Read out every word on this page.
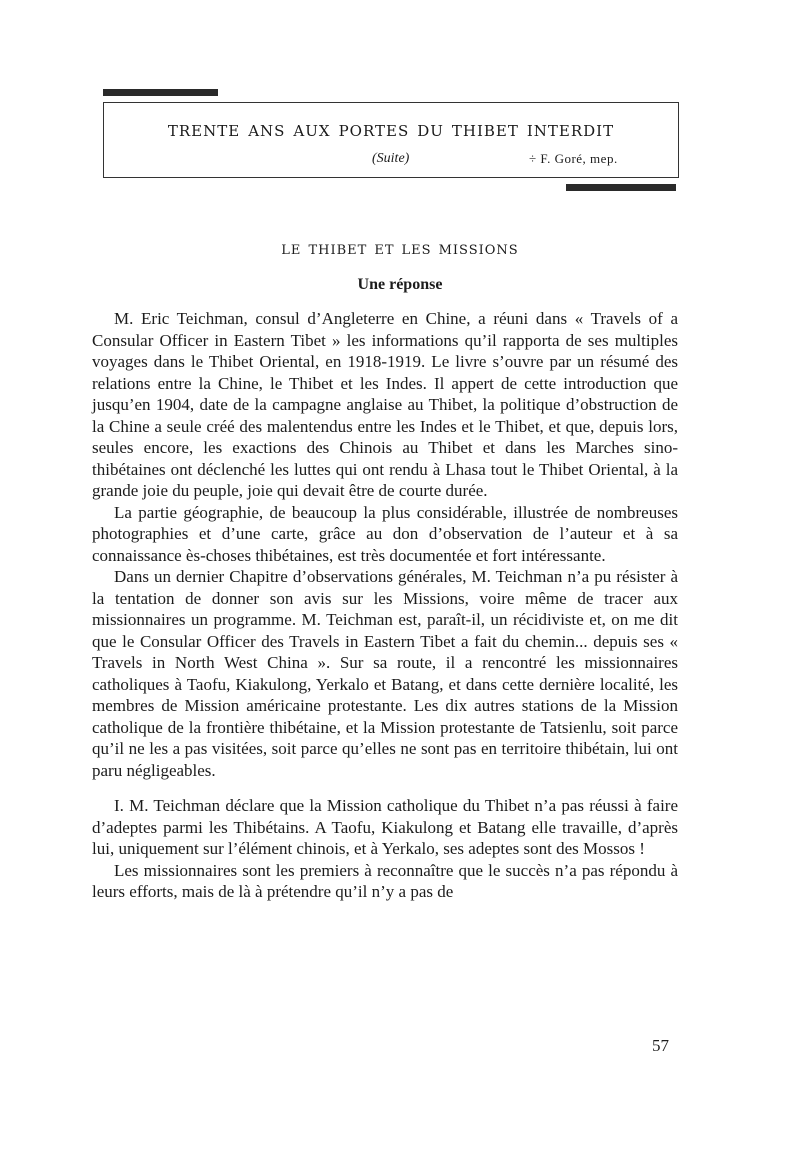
trente ans aux portes du thibet interdit
(Suite)	÷ F. Goré, mep.
le thibet et les missions
Une réponse

M. Eric Teichman, consul d’Angleterre en Chine, a réuni dans « Travels of a Consular Officer in Eastern Tibet » les informations qu’il rapporta de ses multiples voyages dans le Thibet Oriental, en 1918-1919. Le livre s’ouvre par un résumé des relations entre la Chine, le Thibet et les Indes. Il appert de cette introduction que jusqu’en 1904, date de la campagne anglaise au Thibet, la politique d’obstruction de la Chine a seule créé des malentendus entre les Indes et le Thibet, et que, depuis lors, seules encore, les exactions des Chinois au Thibet et dans les Marches sino-thibétaines ont déclenché les luttes qui ont rendu à Lhasa tout le Thibet Oriental, à la grande joie du peuple, joie qui devait être de courte durée.

La partie géographie, de beaucoup la plus considérable, illustrée de nombreuses photographies et d’une carte, grâce au don d’observation de l’auteur et à sa connaissance ès-choses thibétaines, est très documentée et fort intéressante.

Dans un dernier Chapitre d’observations générales, M. Teichman n’a pu résister à la tentation de donner son avis sur les Missions, voire même de tracer aux missionnaires un programme. M. Teichman est, paraît-il, un récidiviste et, on me dit que le Consular Officer des Travels in Eastern Tibet a fait du chemin... depuis ses « Travels in North West China ». Sur sa route, il a rencontré les missionnaires catholiques à Taofu, Kiakulong, Yerkalo et Batang, et dans cette dernière localité, les membres de Mission américaine protestante. Les dix autres stations de la Mission catholique de la frontière thibétaine, et la Mission protestante de Tatsienlu, soit parce qu’il ne les a pas visitées, soit parce qu’elles ne sont pas en territoire thibétain, lui ont paru négligeables.

I. M. Teichman déclare que la Mission catholique du Thibet n’a pas réussi à faire d’adeptes parmi les Thibétains. A Taofu, Kiakulong et Batang elle travaille, d’après lui, uniquement sur l’élément chinois, et à Yerkalo, ses adeptes sont des Mossos !

Les missionnaires sont les premiers à reconnaître que le succès n’a pas répondu à leurs efforts, mais de là à prétendre qu’il n’y a pas de

57
